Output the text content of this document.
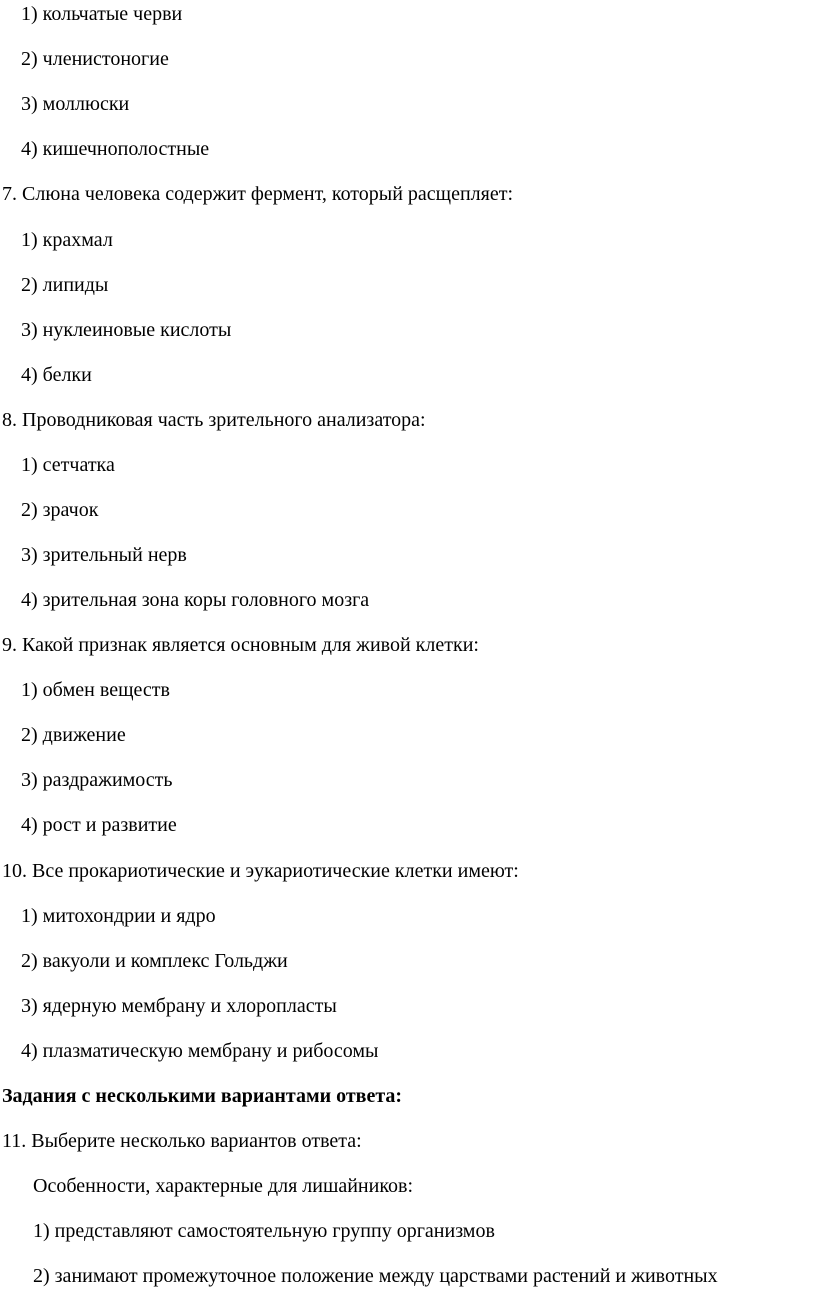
1) кольчатые черви
2) членистоногие
3) моллюски
4) кишечнополостные
7. Слюна человека содержит фермент, который расщепляет:
1) крахмал
2) липиды
3) нуклеиновые кислоты
4) белки
8. Проводниковая часть зрительного анализатора:
1) сетчатка
2) зрачок
3) зрительный нерв
4) зрительная зона коры головного мозга
9. Какой признак является основным для живой клетки:
1) обмен веществ
2) движение
3) раздражимость
4) рост и развитие
10. Все прокариотические и эукариотические клетки имеют:
1) митохондрии и ядро
2) вакуоли и комплекс Гольджи
3) ядерную мембрану и хлоропласты
4) плазматическую мембрану и рибосомы
Задания с несколькими вариантами ответа:
11. Выберите несколько вариантов ответа:
Особенности, характерные для лишайников:
1) представляют самостоятельную группу организмов
2) занимают промежуточное положение между царствами растений и животных
